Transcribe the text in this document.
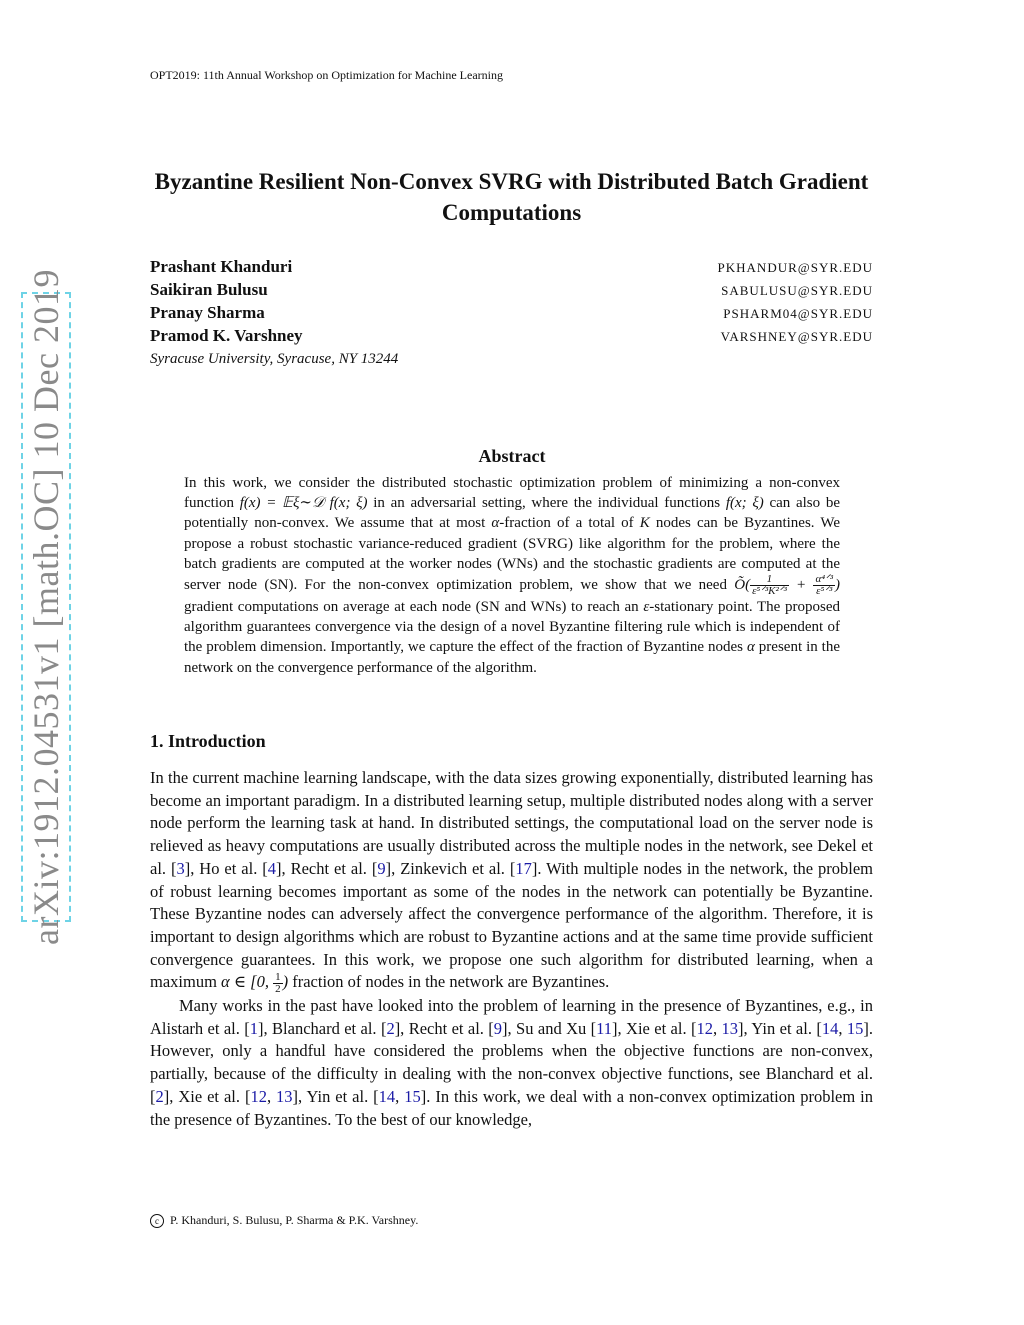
OPT2019: 11th Annual Workshop on Optimization for Machine Learning
arXiv:1912.04531v1 [math.OC] 10 Dec 2019
Byzantine Resilient Non-Convex SVRG with Distributed Batch Gradient Computations
Prashant Khanduri	PKHANDUR@SYR.EDU
Saikiran Bulusu	SABULUSU@SYR.EDU
Pranay Sharma	PSHARM04@SYR.EDU
Pramod K. Varshney	VARSHNEY@SYR.EDU
Syracuse University, Syracuse, NY 13244
Abstract
In this work, we consider the distributed stochastic optimization problem of minimizing a non-convex function f(x) = 𝔼ξ∼𝒟 f(x; ξ) in an adversarial setting, where the individual functions f(x; ξ) can also be potentially non-convex. We assume that at most α-fraction of a total of K nodes can be Byzantines. We propose a robust stochastic variance-reduced gradient (SVRG) like algorithm for the problem, where the batch gradients are computed at the worker nodes (WNs) and the stochastic gradients are computed at the server node (SN). For the non-convex optimization problem, we show that we need Õ( $\frac{1}{\text{ε⁵ᐟ³K²ᐟ³}} + \frac{\text{α⁴ᐟ³}}{\text{ε⁵ᐟ³}}$ ) gradient computations on average at each node (SN and WNs) to reach an ε-stationary point. The proposed algorithm guarantees convergence via the design of a novel Byzantine filtering rule which is independent of the problem dimension. Importantly, we capture the effect of the fraction of Byzantine nodes α present in the network on the convergence performance of the algorithm.
1. Introduction

In the current machine learning landscape, with the data sizes growing exponentially, distributed learning has become an important paradigm. In a distributed learning setup, multiple distributed nodes along with a server node perform the learning task at hand. In distributed settings, the computational load on the server node is relieved as heavy computations are usually distributed across the multiple nodes in the network, see Dekel et al. [3], Ho et al. [4], Recht et al. [9], Zinkevich et al. [17]. With multiple nodes in the network, the problem of robust learning becomes important as some of the nodes in the network can potentially be Byzantine. These Byzantine nodes can adversely affect the convergence performance of the algorithm. Therefore, it is important to design algorithms which are robust to Byzantine actions and at the same time provide sufficient convergence guarantees. In this work, we propose one such algorithm for distributed learning, when a maximum α ∈ [0, $\frac{1}{2}$ ) fraction of nodes in the network are Byzantines.

Many works in the past have looked into the problem of learning in the presence of Byzantines, e.g., in Alistarh et al. [1], Blanchard et al. [2], Recht et al. [9], Su and Xu [11], Xie et al. [12, 13], Yin et al. [14, 15]. However, only a handful have considered the problems when the objective functions are non-convex, partially, because of the difficulty in dealing with the non-convex objective functions, see Blanchard et al. [2], Xie et al. [12, 13], Yin et al. [14, 15]. In this work, we deal with a non-convex optimization problem in the presence of Byzantines. To the best of our knowledge,

c P. Khanduri, S. Bulusu, P. Sharma & P.K. Varshney.
